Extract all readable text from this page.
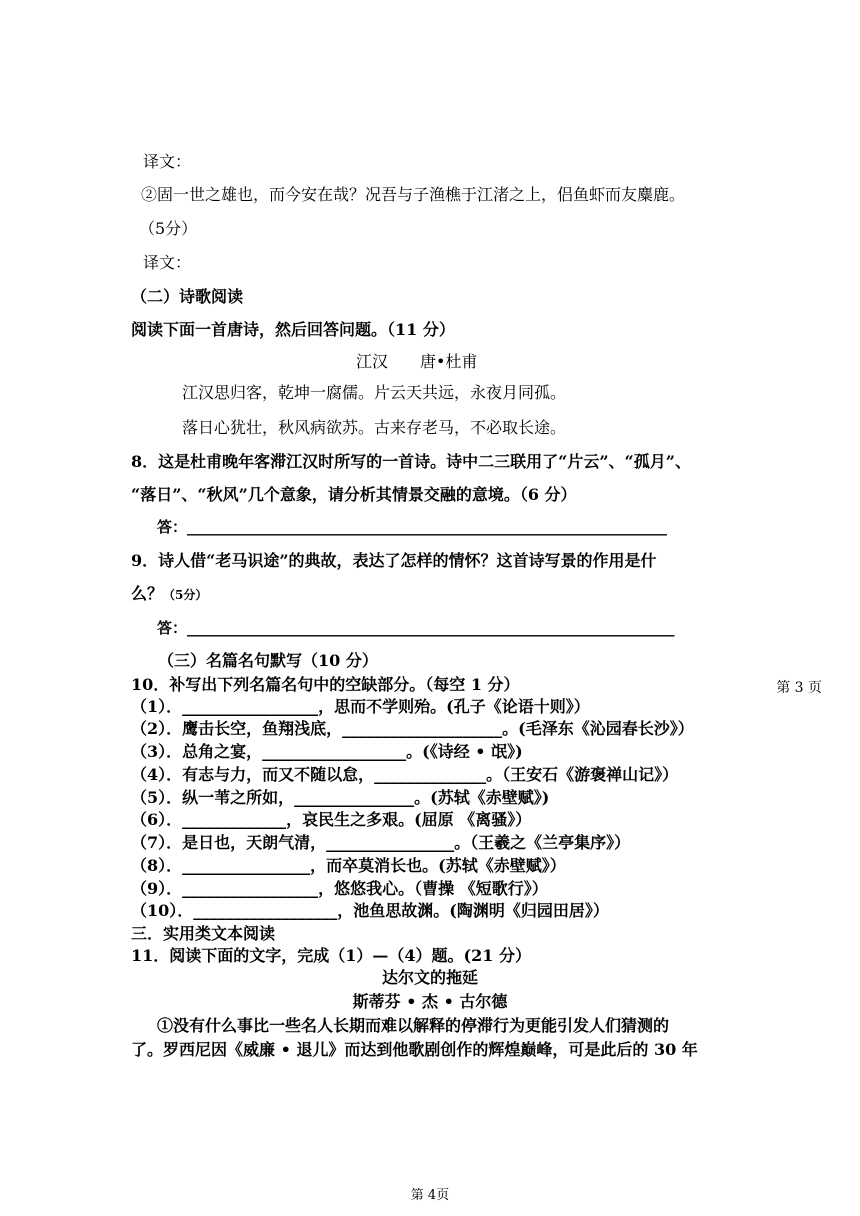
译文：
②固一世之雄也，而今安在哉？况吾与子渔樵于江渚之上，侣鱼虾而友麋鹿。
（5分）
译文：
（二）诗歌阅读
阅读下面一首唐诗，然后回答问题。（11 分）
江汉　　唐•杜甫
江汉思归客，乾坤一腐儒。片云天共远，永夜月同孤。
落日心犹壮，秋风病欲苏。古来存老马，不必取长途。
8．这是杜甫晚年客滞江汉时所写的一首诗。诗中二三联用了“片云”、“孤月”、
“落日”、“秋风”几个意象，请分析其情景交融的意境。（6 分）
答：________________________________________________________________
9．诗人借“老马识途”的典故，表达了怎样的情怀？这首诗写景的作用是什
么？（5分）
答：_________________________________________________________________
（三）名篇名句默写（10 分）
第 3 页
10．补写出下列名篇名句中的空缺部分。（每空 1 分）
（1）．_________________，思而不学则殆。(孔子《论语十则》）
（2）．鹰击长空，鱼翔浅底，____________________。(毛泽东《沁园春长沙》）
（3）．总角之宴，__________________。(《诗经 • 氓》)
（4）．有志与力，而又不随以怠，______________。（王安石《游褒禅山记》）
（5）．纵一苇之所如，_______________。(苏轼《赤壁赋》)
（6）．_____________，哀民生之多艰。(屈原 《离骚》）
（7）．是日也，天朗气清，________________。（王羲之《兰亭集序》）
（8）．________________，而卒莫消长也。(苏轼《赤壁赋》）
（9）．_________________，悠悠我心。（曹操 《短歌行》）
（10）．__________________，池鱼思故渊。(陶渊明《归园田居》）
三．实用类文本阅读
11．阅读下面的文字，完成（1）—（4）题。(21 分）
达尔文的拖延
斯蒂芬 • 杰 • 古尔德
①没有什么事比一些名人长期而难以解释的停滞行为更能引发人们猜测的
了。罗西尼因《威廉 • 退儿》而达到他歌剧创作的辉煌巅峰，可是此后的 30 年
第 4页
